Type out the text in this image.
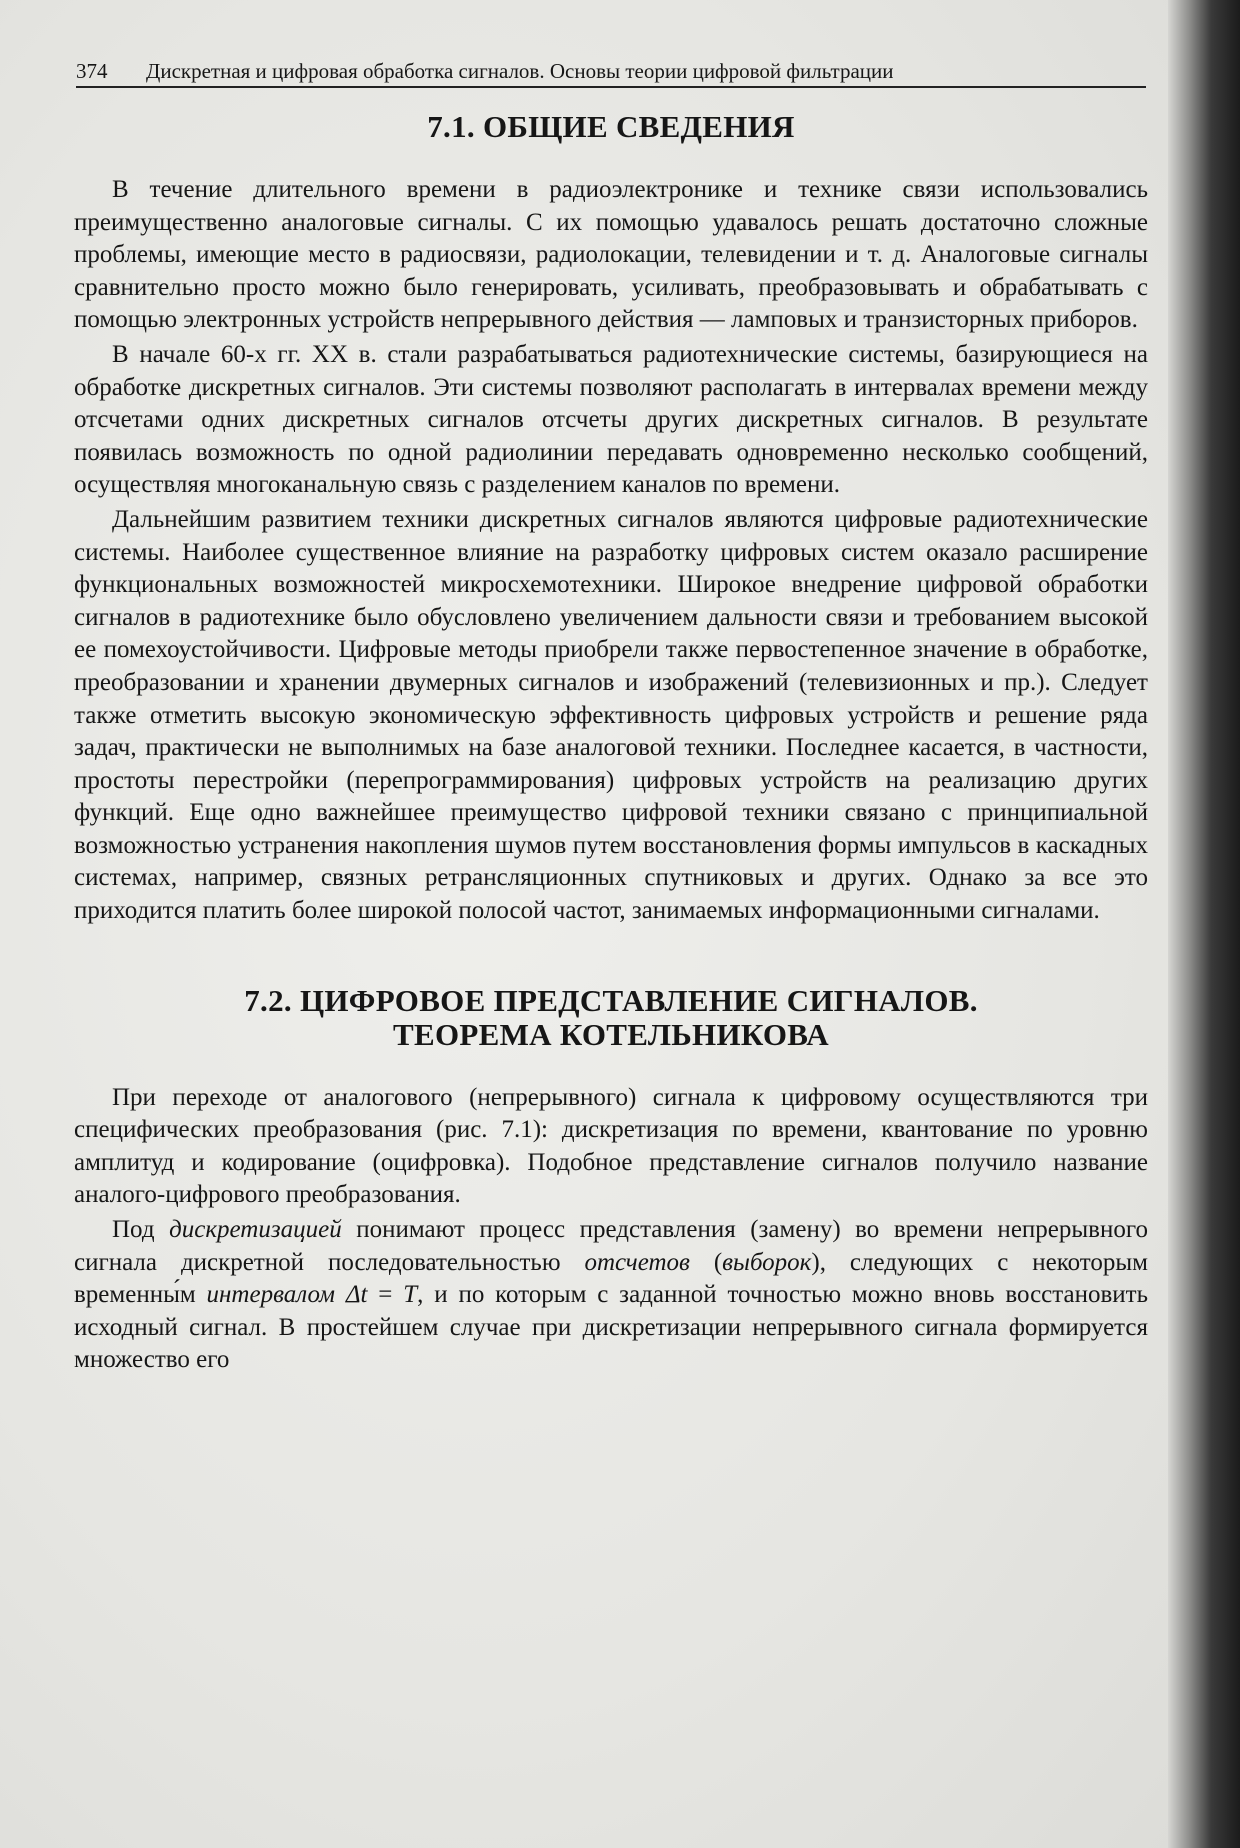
374	Дискретная и цифровая обработка сигналов. Основы теории цифровой фильтрации
7.1. ОБЩИЕ СВЕДЕНИЯ

В течение длительного времени в радиоэлектронике и технике связи использовались преимущественно аналоговые сигналы. С их помощью удавалось решать достаточно сложные проблемы, имеющие место в радиосвязи, радиолокации, телевидении и т. д. Аналоговые сигналы сравнительно просто можно было генерировать, усиливать, преобразовывать и обрабатывать с помощью электронных устройств непрерывного действия — ламповых и транзисторных приборов.

В начале 60-х гг. XX в. стали разрабатываться радиотехнические системы, базирующиеся на обработке дискретных сигналов. Эти системы позволяют располагать в интервалах времени между отсчетами одних дискретных сигналов отсчеты других дискретных сигналов. В результате появилась возможность по одной радиолинии передавать одновременно несколько сообщений, осуществляя многоканальную связь с разделением каналов по времени.

Дальнейшим развитием техники дискретных сигналов являются цифровые радиотехнические системы. Наиболее существенное влияние на разработку цифровых систем оказало расширение функциональных возможностей микросхемотехники. Широкое внедрение цифровой обработки сигналов в радиотехнике было обусловлено увеличением дальности связи и требованием высокой ее помехоустойчивости. Цифровые методы приобрели также первостепенное значение в обработке, преобразовании и хранении двумерных сигналов и изображений (телевизионных и пр.). Следует также отметить высокую экономическую эффективность цифровых устройств и решение ряда задач, практически не выполнимых на базе аналоговой техники. Последнее касается, в частности, простоты перестройки (перепрограммирования) цифровых устройств на реализацию других функций. Еще одно важнейшее преимущество цифровой техники связано с принципиальной возможностью устранения накопления шумов путем восстановления формы импульсов в каскадных системах, например, связных ретрансляционных спутниковых и других. Однако за все это приходится платить более широкой полосой частот, занимаемых информационными сигналами.

7.2. ЦИФРОВОЕ ПРЕДСТАВЛЕНИЕ СИГНАЛОВ.
ТЕОРЕМА КОТЕЛЬНИКОВА

При переходе от аналогового (непрерывного) сигнала к цифровому осуществляются три специфических преобразования (рис. 7.1): дискретизация по времени, квантование по уровню амплитуд и кодирование (оцифровка). Подобное представление сигналов получило название аналого-цифрового преобразования.

Под дискретизацией понимают процесс представления (замену) во времени непрерывного сигнала дискретной последовательностью отсчетов (выборок), следующих с некоторым временны́м интервалом Δt = T, и по которым с заданной точностью можно вновь восстановить исходный сигнал. В простейшем случае при дискретизации непрерывного сигнала формируется множество его
